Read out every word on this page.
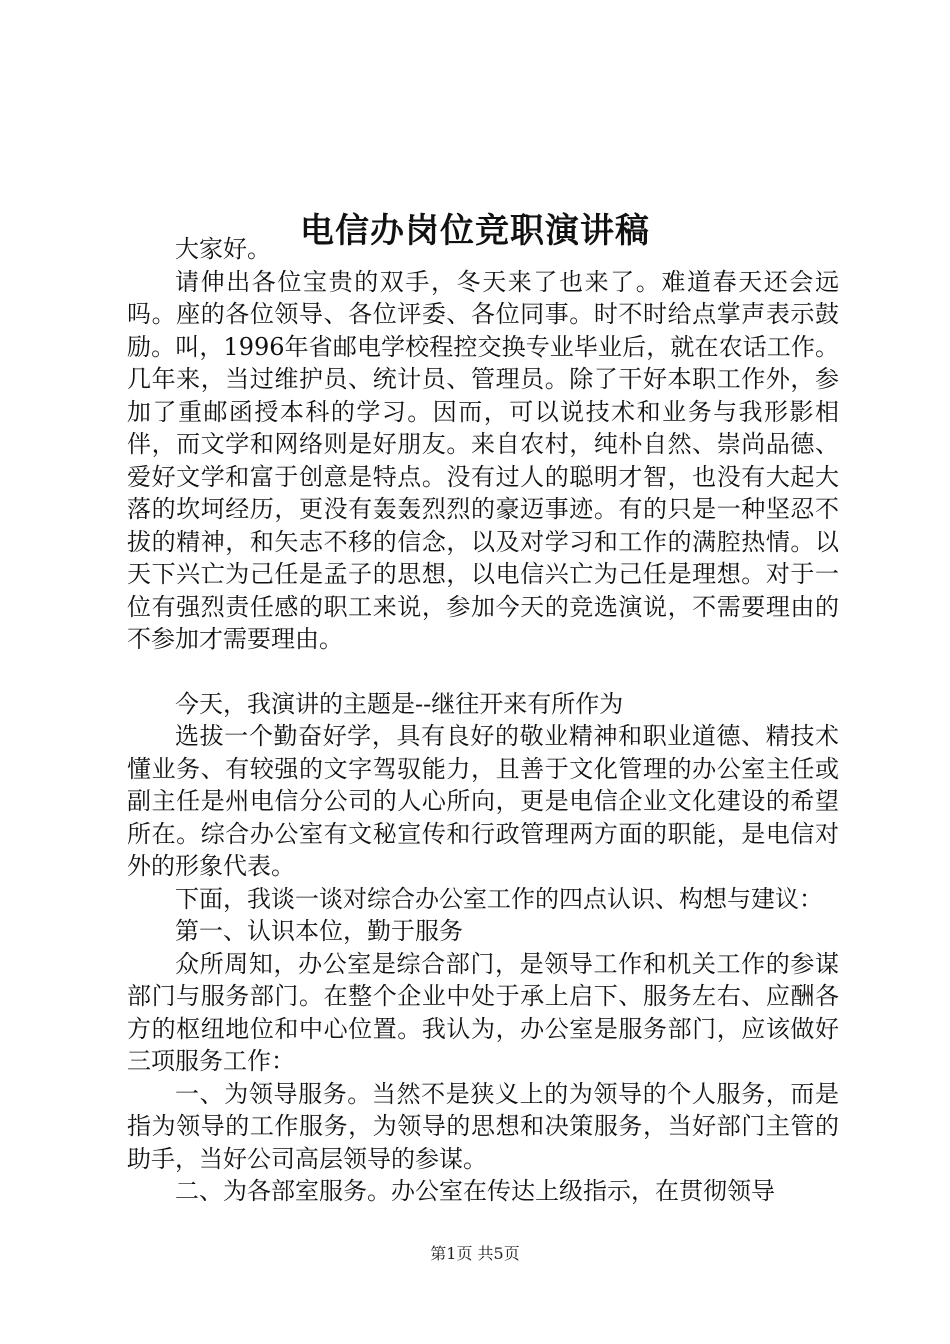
电信办岗位竞职演讲稿

大家好。

请伸出各位宝贵的双手，冬天来了也来了。难道春天还会远吗。座的各位领导、各位评委、各位同事。时不时给点掌声表示鼓励。叫，1996年省邮电学校程控交换专业毕业后，就在农话工作。几年来，当过维护员、统计员、管理员。除了干好本职工作外，参加了重邮函授本科的学习。因而，可以说技术和业务与我形影相伴，而文学和网络则是好朋友。来自农村，纯朴自然、崇尚品德、爱好文学和富于创意是特点。没有过人的聪明才智，也没有大起大落的坎坷经历，更没有轰轰烈烈的豪迈事迹。有的只是一种坚忍不拔的精神，和矢志不移的信念，以及对学习和工作的满腔热情。以天下兴亡为己任是孟子的思想，以电信兴亡为己任是理想。对于一位有强烈责任感的职工来说，参加今天的竞选演说，不需要理由的不参加才需要理由。

今天，我演讲的主题是--继往开来有所作为

选拔一个勤奋好学，具有良好的敬业精神和职业道德、精技术懂业务、有较强的文字驾驭能力，且善于文化管理的办公室主任或副主任是州电信分公司的人心所向，更是电信企业文化建设的希望所在。综合办公室有文秘宣传和行政管理两方面的职能，是电信对外的形象代表。

下面，我谈一谈对综合办公室工作的四点认识、构想与建议：

第一、认识本位，勤于服务

众所周知，办公室是综合部门，是领导工作和机关工作的参谋部门与服务部门。在整个企业中处于承上启下、服务左右、应酬各方的枢纽地位和中心位置。我认为，办公室是服务部门，应该做好三项服务工作：

一、为领导服务。当然不是狭义上的为领导的个人服务，而是指为领导的工作服务，为领导的思想和决策服务，当好部门主管的助手，当好公司高层领导的参谋。

二、为各部室服务。办公室在传达上级指示，在贯彻领导

第1页 共5页
